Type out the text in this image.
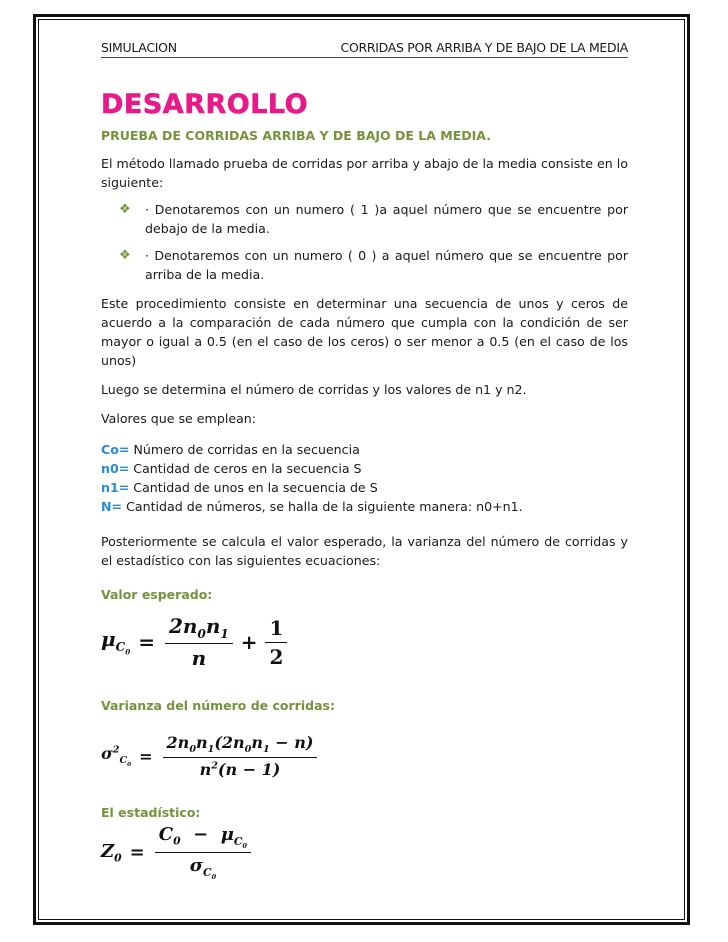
SIMULACION	CORRIDAS POR ARRIBA Y DE BAJO DE LA MEDIA
DESARROLLO
PRUEBA DE CORRIDAS ARRIBA Y DE BAJO DE LA MEDIA.

El método llamado prueba de corridas por arriba y abajo de la media consiste en lo siguiente:

❖	· Denotaremos con un numero ( 1 )a aquel número que se encuentre por debajo de la media.

❖	· Denotaremos con un numero ( 0 ) a aquel número que se encuentre por arriba de la media.

Este procedimiento consiste en determinar una secuencia de unos y ceros de acuerdo a la comparación de cada número que cumpla con la condición de ser mayor o igual a 0.5 (en el caso de los ceros) o ser menor a 0.5 (en el caso de los unos)

Luego se determina el número de corridas y los valores de n1 y n2.

Valores que se emplean:

Co= Número de corridas en la secuencia
n0= Cantidad de ceros en la secuencia S
n1= Cantidad de unos en la secuencia de S
N= Cantidad de números, se halla de la siguiente manera: n0+n1.

Posteriormente se calcula el valor esperado, la varianza del número de corridas y el estadístico con las siguientes ecuaciones:

Valor esperado:
$\mu_{C_0} = \frac{2n_0n_1}{n} + \frac{1}{2}$
Varianza del número de corridas:
$\sigma^2_{C_0} = \frac{2n_0n_1(2n_0n_1 - n)}{n^2(n - 1)}$
El estadístico:
$Z_0 = \frac{C_0 - \mu_{C_0}}{\sigma_{C_0}}$
